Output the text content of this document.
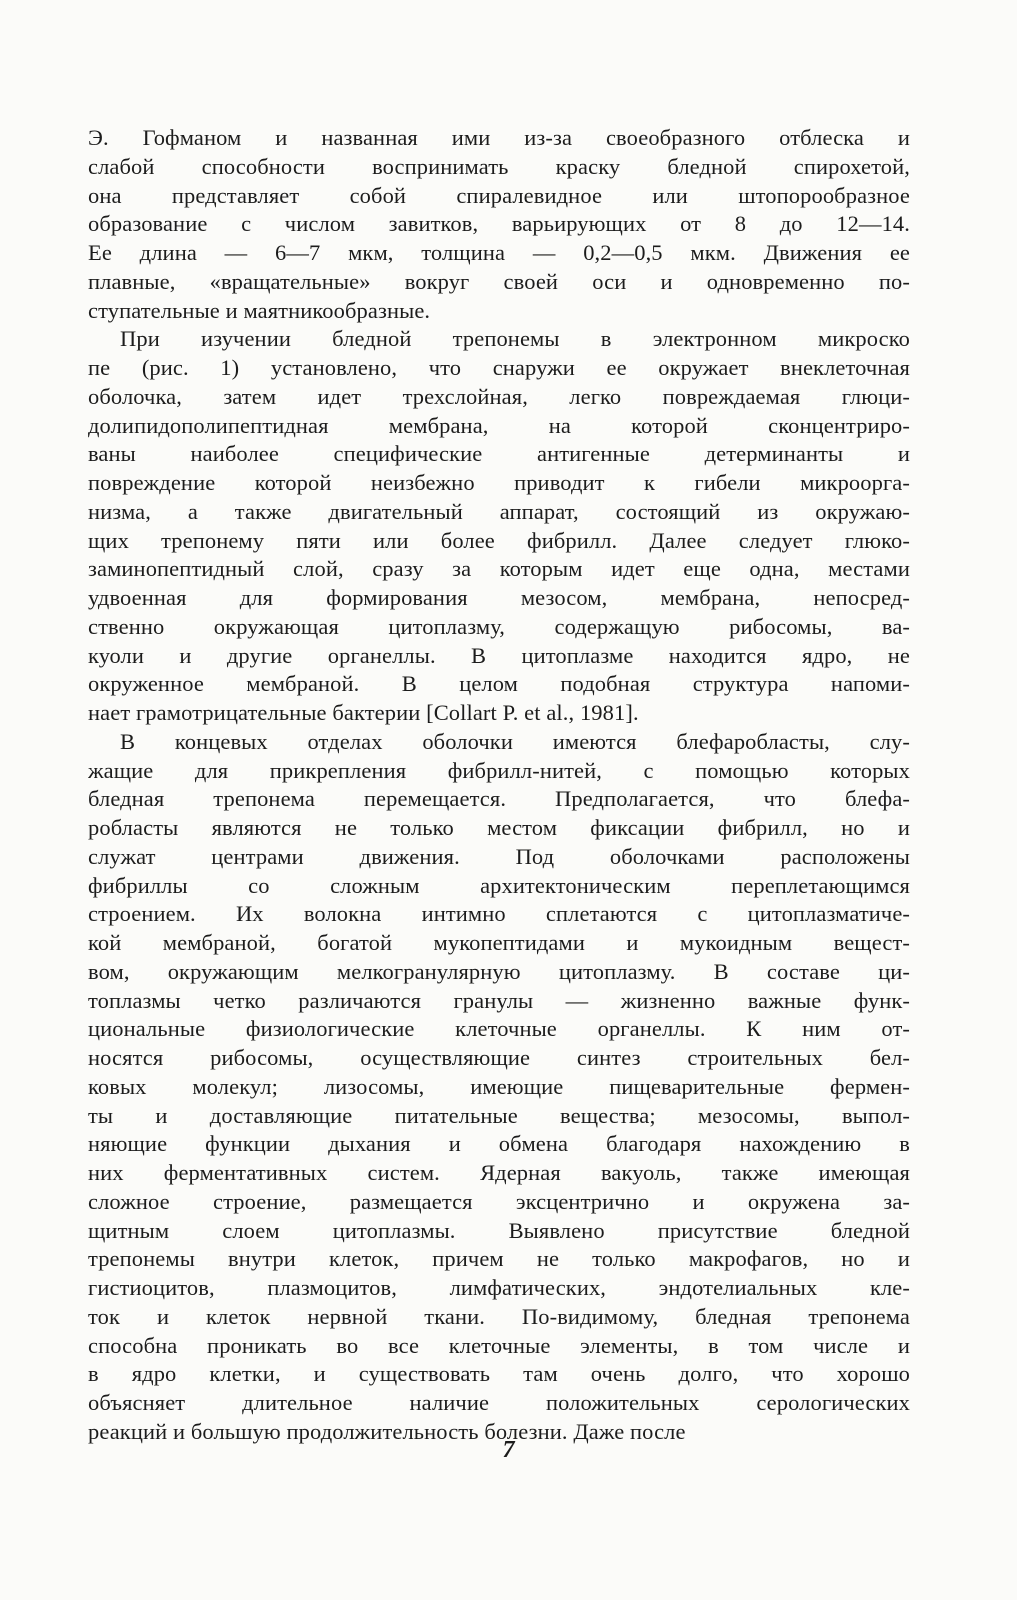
Э. Гофманом и названная ими из-за своеобразного отблеска и
слабой способности воспринимать краску бледной спирохетой,
она представляет собой спиралевидное или штопорообразное
образование с числом завитков, варьирующих от 8 до 12—14.
Ее длина — 6—7 мкм, толщина — 0,2—0,5 мкм. Движения ее
плавные, «вращательные» вокруг своей оси и одновременно по-
ступательные и маятникообразные.
При изучении бледной трепонемы в электронном микроско
пе (рис. 1) установлено, что снаружи ее окружает внеклеточная
оболочка, затем идет трехслойная, легко повреждаемая глюци-
долипидополипептидная мембрана, на которой сконцентриро-
ваны наиболее специфические антигенные детерминанты и
повреждение которой неизбежно приводит к гибели микроорга-
низма, а также двигательный аппарат, состоящий из окружаю-
щих трепонему пяти или более фибрилл. Далее следует глюко-
заминопептидный слой, сразу за которым идет еще одна, местами
удвоенная для формирования мезосом, мембрана, непосред-
ственно окружающая цитоплазму, содержащую рибосомы, ва-
куоли и другие органеллы. В цитоплазме находится ядро, не
окруженное мембраной. В целом подобная структура напоми-
нает грамотрицательные бактерии [Collart P. et al., 1981].
В концевых отделах оболочки имеются блефаробласты, слу-
жащие для прикрепления фибрилл-нитей, с помощью которых
бледная трепонема перемещается. Предполагается, что блефа-
робласты являются не только местом фиксации фибрилл, но и
служат центрами движения. Под оболочками расположены
фибриллы со сложным архитектоническим переплетающимся
строением. Их волокна интимно сплетаются с цитоплазматиче-
кой мембраной, богатой мукопептидами и мукоидным вещест-
вом, окружающим мелкогранулярную цитоплазму. В составе ци-
топлазмы четко различаются гранулы — жизненно важные функ-
циональные физиологические клеточные органеллы. К ним от-
носятся рибосомы, осуществляющие синтез строительных бел-
ковых молекул; лизосомы, имеющие пищеварительные фермен-
ты и доставляющие питательные вещества; мезосомы, выпол-
няющие функции дыхания и обмена благодаря нахождению в
них ферментативных систем. Ядерная вакуоль, также имеющая
сложное строение, размещается эксцентрично и окружена за-
щитным слоем цитоплазмы. Выявлено присутствие бледной
трепонемы внутри клеток, причем не только макрофагов, но и
гистиоцитов, плазмоцитов, лимфатических, эндотелиальных кле-
ток и клеток нервной ткани. По-видимому, бледная трепонема
способна проникать во все клеточные элементы, в том числе и
в ядро клетки, и существовать там очень долго, что хорошо
объясняет длительное наличие положительных серологических
реакций и большую продолжительность болезни. Даже после
7
